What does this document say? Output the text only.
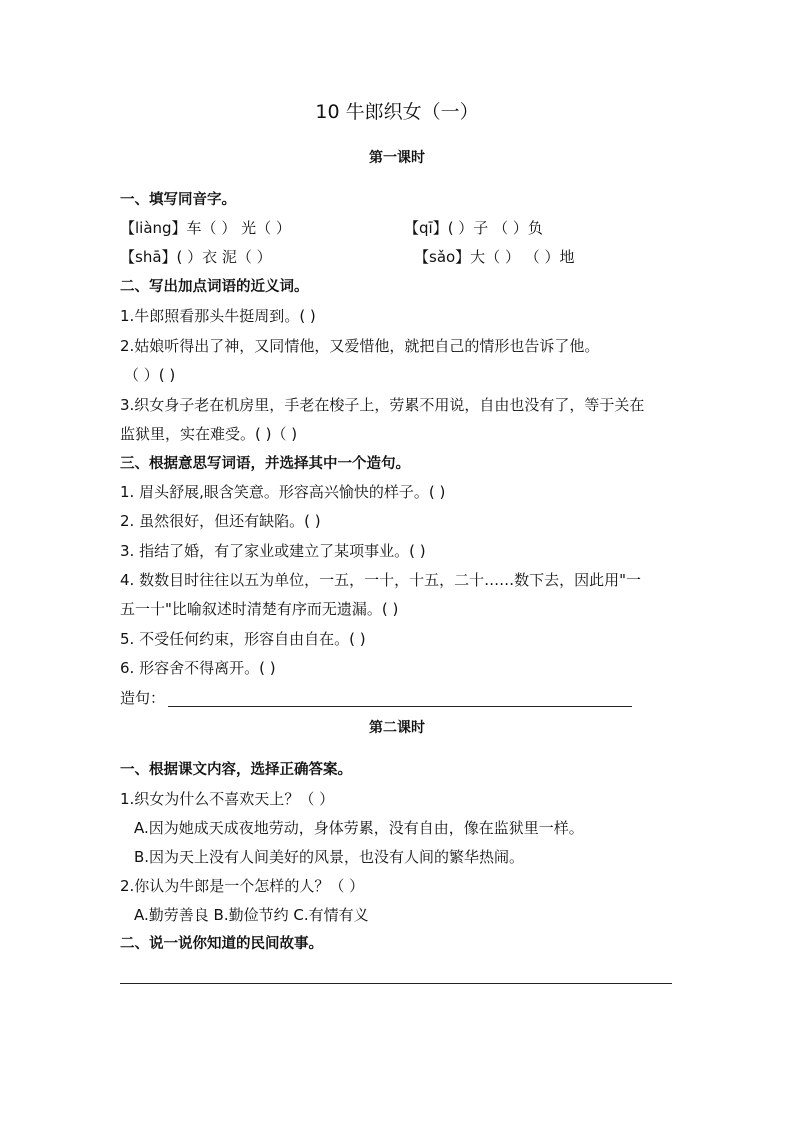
10 牛郎织女（一）
第一课时
一、填写同音字。
【liàng】车（ ） 光（ ）	【qī】( ）子 （ ）负
【shā】( ）衣 泥（ ）	【sǎo】大（ ） （ ）地
二、写出加点词语的近义词。
1.牛郎照看那头牛挺周到。( )
2.姑娘听得出了神，又同情他，又爱惜他，就把自己的情形也告诉了他。
（ ）( )
3.织女身子老在机房里，手老在梭子上，劳累不用说，自由也没有了，等于关在
监狱里，实在难受。( )（ )
三、根据意思写词语，并选择其中一个造句。
1. 眉头舒展,眼含笑意。形容高兴愉快的样子。( )
2. 虽然很好，但还有缺陷。( )
3. 指结了婚，有了家业或建立了某项事业。( )
4. 数数目时往往以五为单位，一五，一十，十五，二十……数下去，因此用"一
五一十"比喻叙述时清楚有序而无遗漏。( )
5. 不受任何约束，形容自由自在。( )
6. 形容舍不得离开。( )
造句：
第二课时
一、根据课文内容，选择正确答案。
1.织女为什么不喜欢天上？（ ）
A.因为她成天成夜地劳动，身体劳累，没有自由，像在监狱里一样。
B.因为天上没有人间美好的风景，也没有人间的繁华热闹。
2.你认为牛郎是一个怎样的人？（ ）
A.勤劳善良 B.勤俭节约 C.有情有义
二、说一说你知道的民间故事。
